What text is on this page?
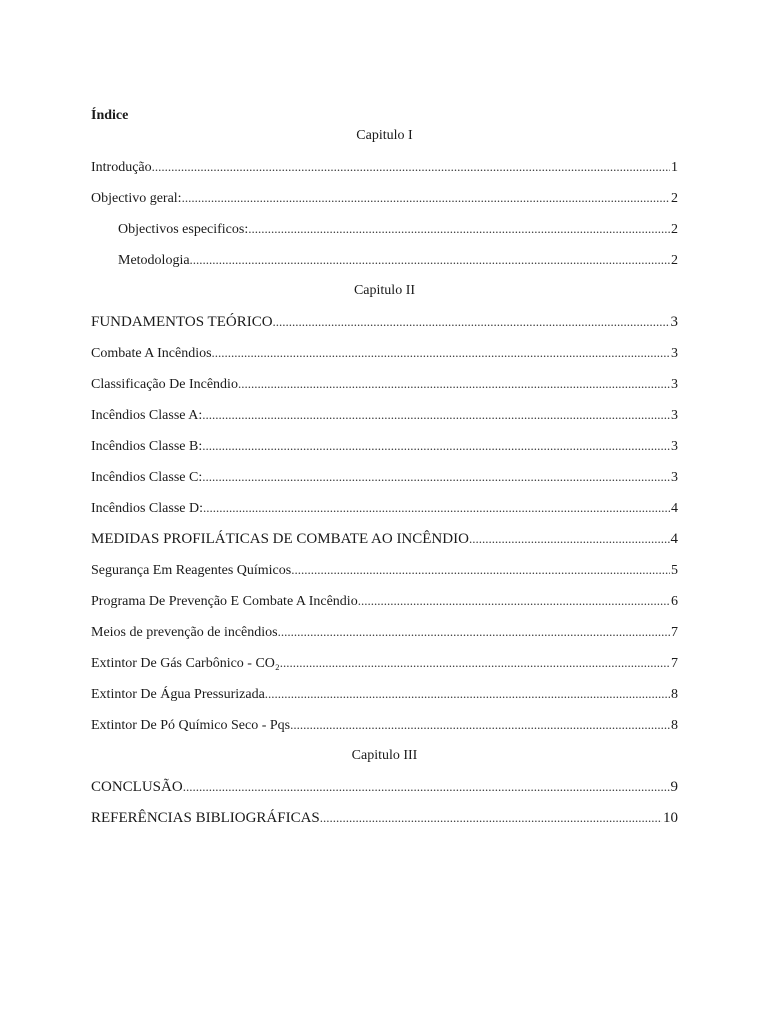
Índice
Capitulo I
Introdução .....	1
Objectivo geral: .....	2
Objectivos especificos: .....	2
Metodologia .....	2
Capitulo II
FUNDAMENTOS TEÓRICO .....	3
Combate A Incêndios .....	3
Classificação De Incêndio .....	3
Incêndios Classe A: .....	3
Incêndios Classe B: .....	3
Incêndios Classe C: .....	3
Incêndios Classe D: .....	4
MEDIDAS PROFILÁTICAS DE COMBATE AO INCÊNDIO .....	4
Segurança Em Reagentes Químicos .....	5
Programa De Prevenção E Combate A Incêndio .....	6
Meios de prevenção de incêndios .....	7
Extintor De Gás Carbônico - CO₂ .....	7
Extintor De Água Pressurizada .....	8
Extintor De Pó Químico Seco - Pqs .....	8
Capitulo III
CONCLUSÃO .....	9
REFERÊNCIAS BIBLIOGRÁFICAS .....	10
